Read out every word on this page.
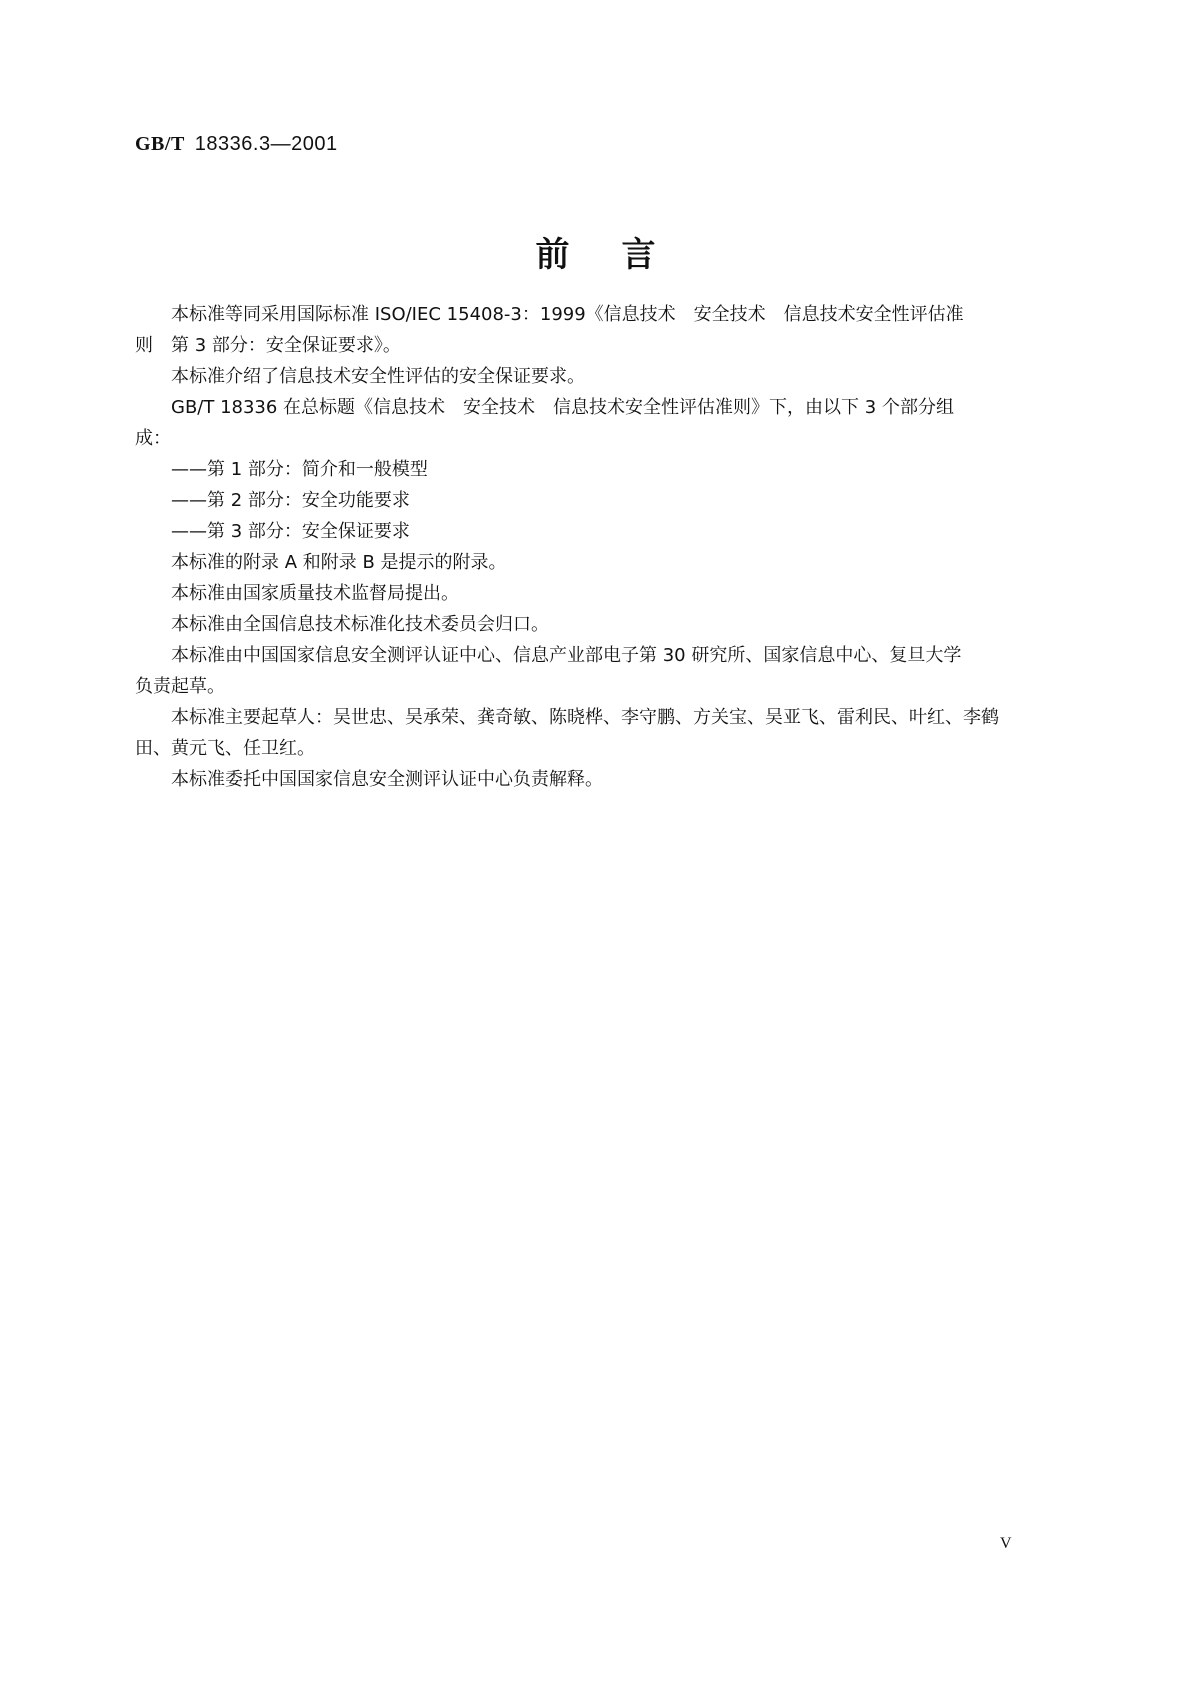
GB/T 18336.3—2001
前言

本标准等同采用国际标准 ISO/IEC 15408-3：1999《信息技术　安全技术　信息技术安全性评估准
则　第 3 部分：安全保证要求》。

本标准介绍了信息技术安全性评估的安全保证要求。

GB/T 18336 在总标题《信息技术　安全技术　信息技术安全性评估准则》下，由以下 3 个部分组
成：

——第 1 部分：简介和一般模型

——第 2 部分：安全功能要求

——第 3 部分：安全保证要求

本标准的附录 A 和附录 B 是提示的附录。

本标准由国家质量技术监督局提出。

本标准由全国信息技术标准化技术委员会归口。

本标准由中国国家信息安全测评认证中心、信息产业部电子第 30 研究所、国家信息中心、复旦大学
负责起草。

本标准主要起草人：吴世忠、吴承荣、龚奇敏、陈晓桦、李守鹏、方关宝、吴亚飞、雷利民、叶红、李鹤
田、黄元飞、任卫红。

本标准委托中国国家信息安全测评认证中心负责解释。

V
